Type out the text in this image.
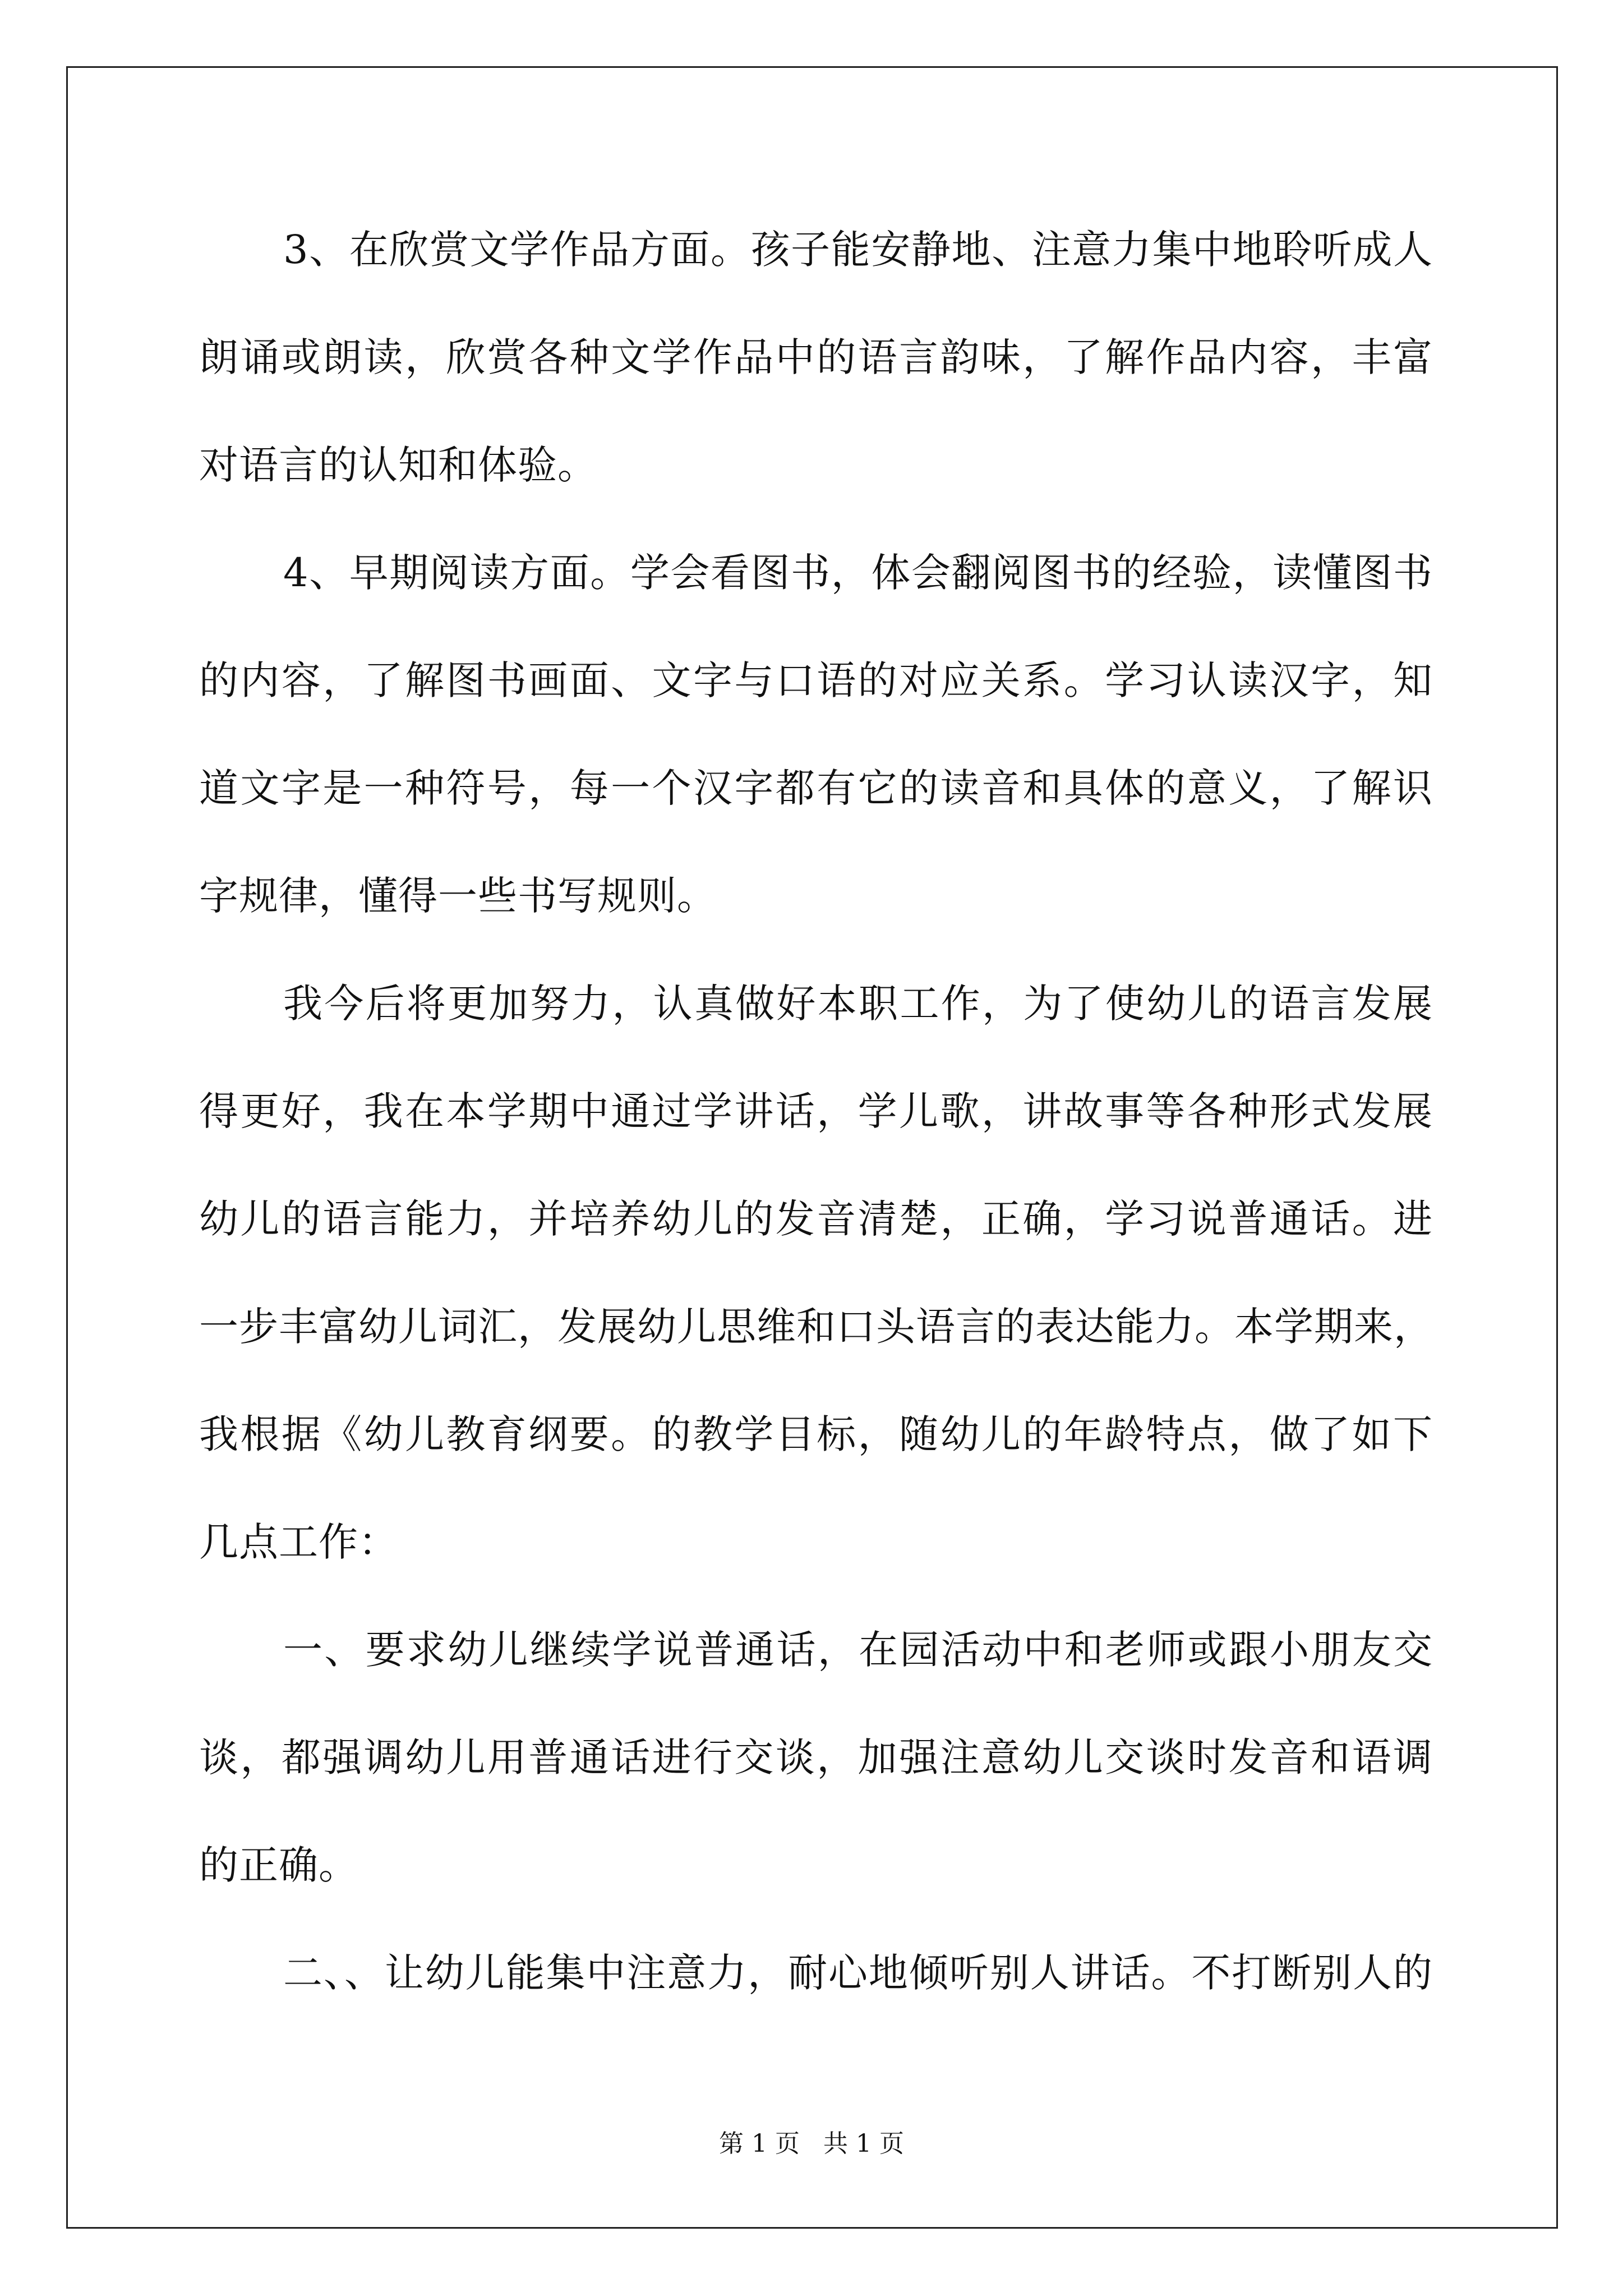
3、在欣赏文学作品方面。孩子能安静地、注意力集中地聆听成人
朗诵或朗读，欣赏各种文学作品中的语言韵味，了解作品内容，丰富
对语言的认知和体验。
4、早期阅读方面。学会看图书，体会翻阅图书的经验，读懂图书
的内容，了解图书画面、文字与口语的对应关系。学习认读汉字，知
道文字是一种符号，每一个汉字都有它的读音和具体的意义，了解识
字规律，懂得一些书写规则。
我今后将更加努力，认真做好本职工作，为了使幼儿的语言发展
得更好，我在本学期中通过学讲话，学儿歌，讲故事等各种形式发展
幼儿的语言能力，并培养幼儿的发音清楚，正确，学习说普通话。进
一步丰富幼儿词汇，发展幼儿思维和口头语言的表达能力。本学期来，
我根据《幼儿教育纲要。的教学目标，随幼儿的年龄特点，做了如下
几点工作：
一、要求幼儿继续学说普通话，在园活动中和老师或跟小朋友交
谈，都强调幼儿用普通话进行交谈，加强注意幼儿交谈时发音和语调
的正确。
二、、让幼儿能集中注意力，耐心地倾听别人讲话。不打断别人的
第 1 页   共 1 页
